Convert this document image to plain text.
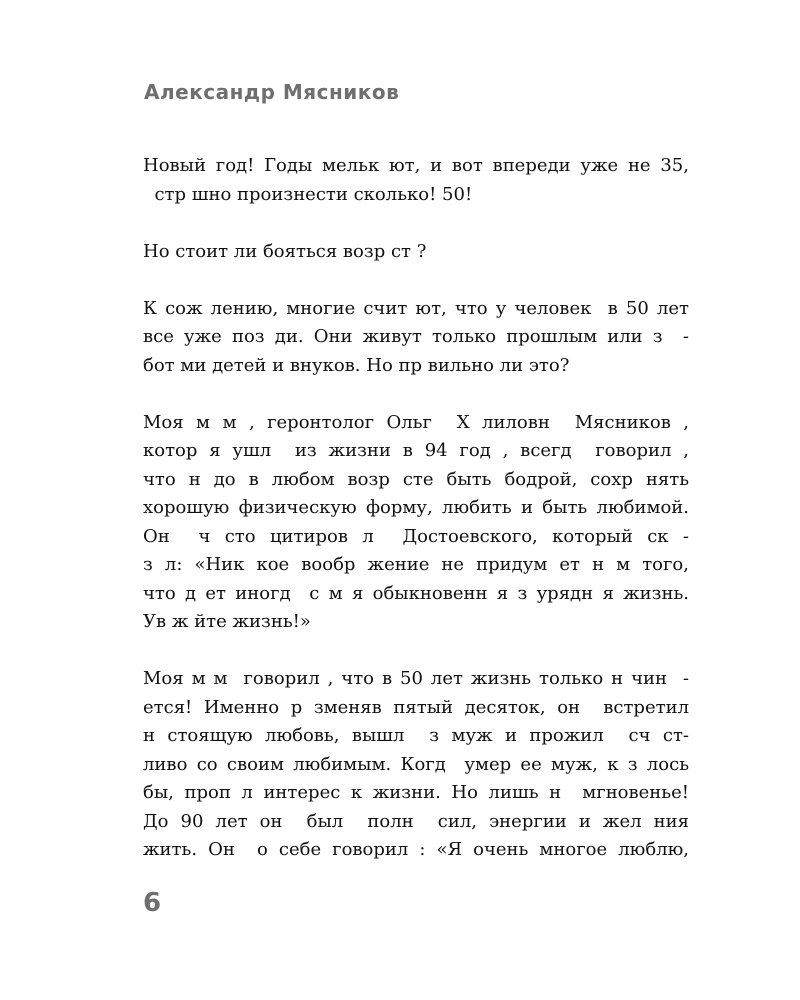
Александр Мясников

Новый год! Годы мельк ют, и вот впереди уже не 35,
стр шно произнести сколько! 50!

Но стоит ли бояться возр ст ?

К сож лению, многие счит ют, что у человек  в 50 лет
все уже поз ди. Они живут только прошлым или з  -
бот ми детей и внуков. Но пр вильно ли это?

Моя м м , геронтолог Ольг  Х лиловн  Мясников ,
котор я ушл  из жизни в 94 год , всегд  говорил ,
что н до в любом возр сте быть бодрой, сохр нять
хорошую физическую форму, любить и быть любимой.
Он  ч сто цитиров л  Достоевского, который ск -
з л: «Ник кое вообр жение не придум ет н м того,
что д ет иногд  с м я обыкновенн я з урядн я жизнь.
Ув ж йте жизнь!»

Моя м м  говорил , что в 50 лет жизнь только н чин  -
ется! Именно р зменяв пятый десяток, он  встретил
н стоящую любовь, вышл  з муж и прожил  сч ст-
ливо со своим любимым. Когд  умер ее муж, к з лось
бы, проп л интерес к жизни. Но лишь н  мгновенье!
До 90 лет он  был  полн  сил, энергии и жел ния
жить. Он  о себе говорил : «Я очень многое люблю,

6
